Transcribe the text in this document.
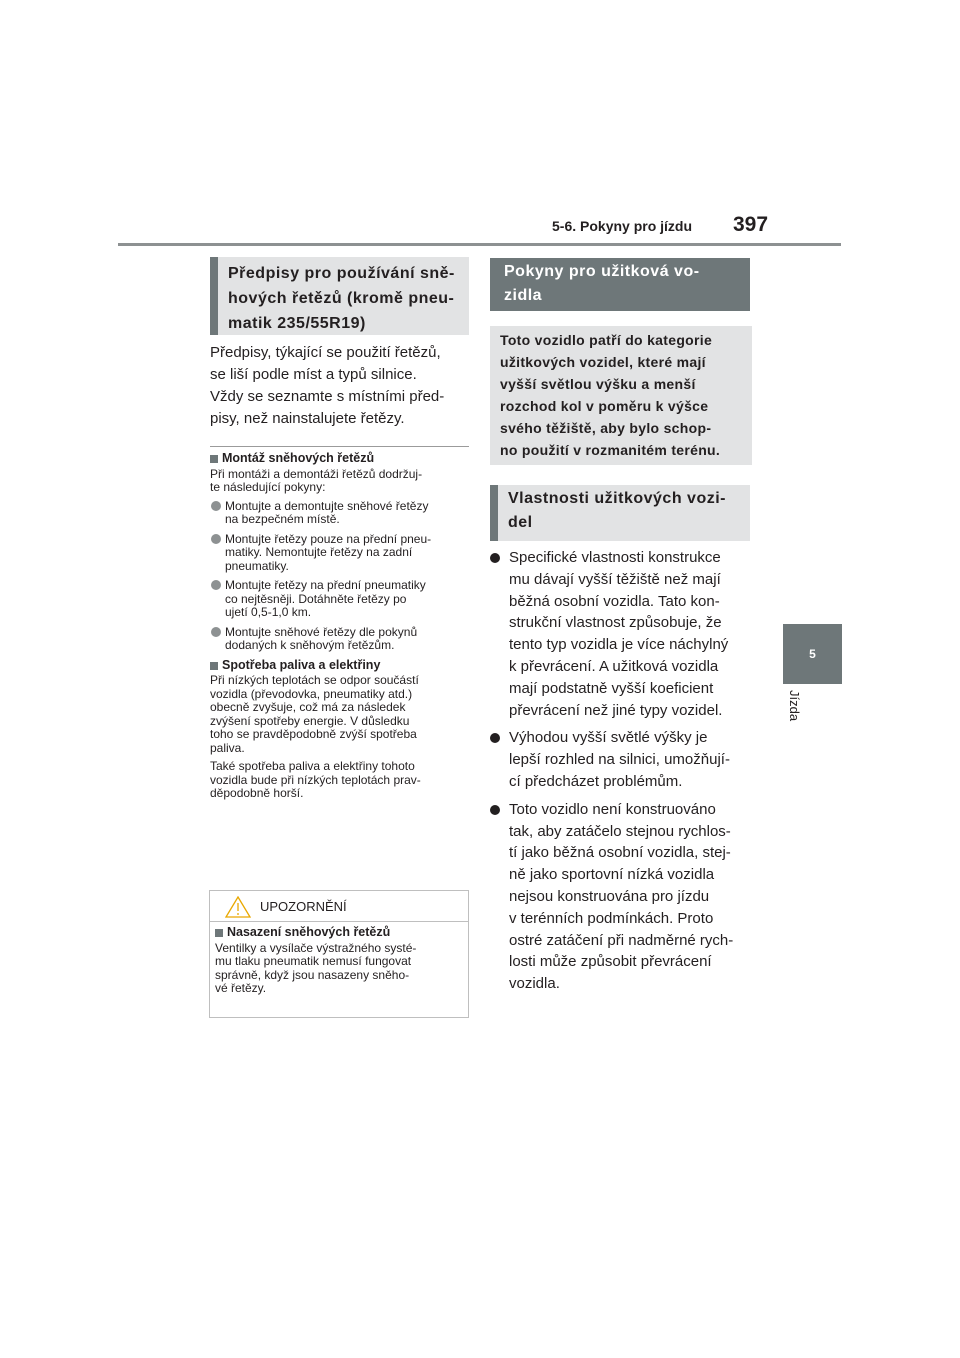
5-6. Pokyny pro jízdu 397
5
Jízda
Předpisy pro používání sně-
hových řetězů (kromě pneu-
matik 235/55R19)
Předpisy, týkající se použití řetězů,
se liší podle míst a typů silnice.
Vždy se seznamte s místními před-
pisy, než nainstalujete řetězy.
Montáž sněhových řetězů
Při montáži a demontáži řetězů dodržuj-
te následující pokyny:
Montujte a demontujte sněhové řetězy
na bezpečném místě.
Montujte řetězy pouze na přední pneu-
matiky. Nemontujte řetězy na zadní
pneumatiky.
Montujte řetězy na přední pneumatiky
co nejtěsněji. Dotáhněte řetězy po
ujetí 0,5-1,0 km.
Montujte sněhové řetězy dle pokynů
dodaných k sněhovým řetězům.
Spotřeba paliva a elektřiny
Při nízkých teplotách se odpor součástí
vozidla (převodovka, pneumatiky atd.)
obecně zvyšuje, což má za následek
zvýšení spotřeby energie. V důsledku
toho se pravděpodobně zvýší spotřeba
paliva.
Také spotřeba paliva a elektřiny tohoto
vozidla bude při nízkých teplotách prav-
děpodobně horší.
UPOZORNĚNÍ
Nasazení sněhových řetězů
Ventilky a vysílače výstražného systé-
mu tlaku pneumatik nemusí fungovat
správně, když jsou nasazeny sněho-
vé řetězy.
Pokyny pro užitková vo-
zidla
Toto vozidlo patří do kategorie
užitkových vozidel, které mají
vyšší světlou výšku a menší
rozchod kol v poměru k výšce
svého těžiště, aby bylo schop-
no použití v rozmanitém terénu.
Vlastnosti užitkových vozi-
del
Specifické vlastnosti konstrukce
mu dávají vyšší těžiště než mají
běžná osobní vozidla. Tato kon-
strukční vlastnost způsobuje, že
tento typ vozidla je více náchylný
k převrácení. A užitková vozidla
mají podstatně vyšší koeficient
převrácení než jiné typy vozidel.
Výhodou vyšší světlé výšky je
lepší rozhled na silnici, umožňují-
cí předcházet problémům.
Toto vozidlo není konstruováno
tak, aby zatáčelo stejnou rychlos-
tí jako běžná osobní vozidla, stej-
ně jako sportovní nízká vozidla
nejsou konstruována pro jízdu
v terénních podmínkách. Proto
ostré zatáčení při nadměrné rych-
losti může způsobit převrácení
vozidla.
